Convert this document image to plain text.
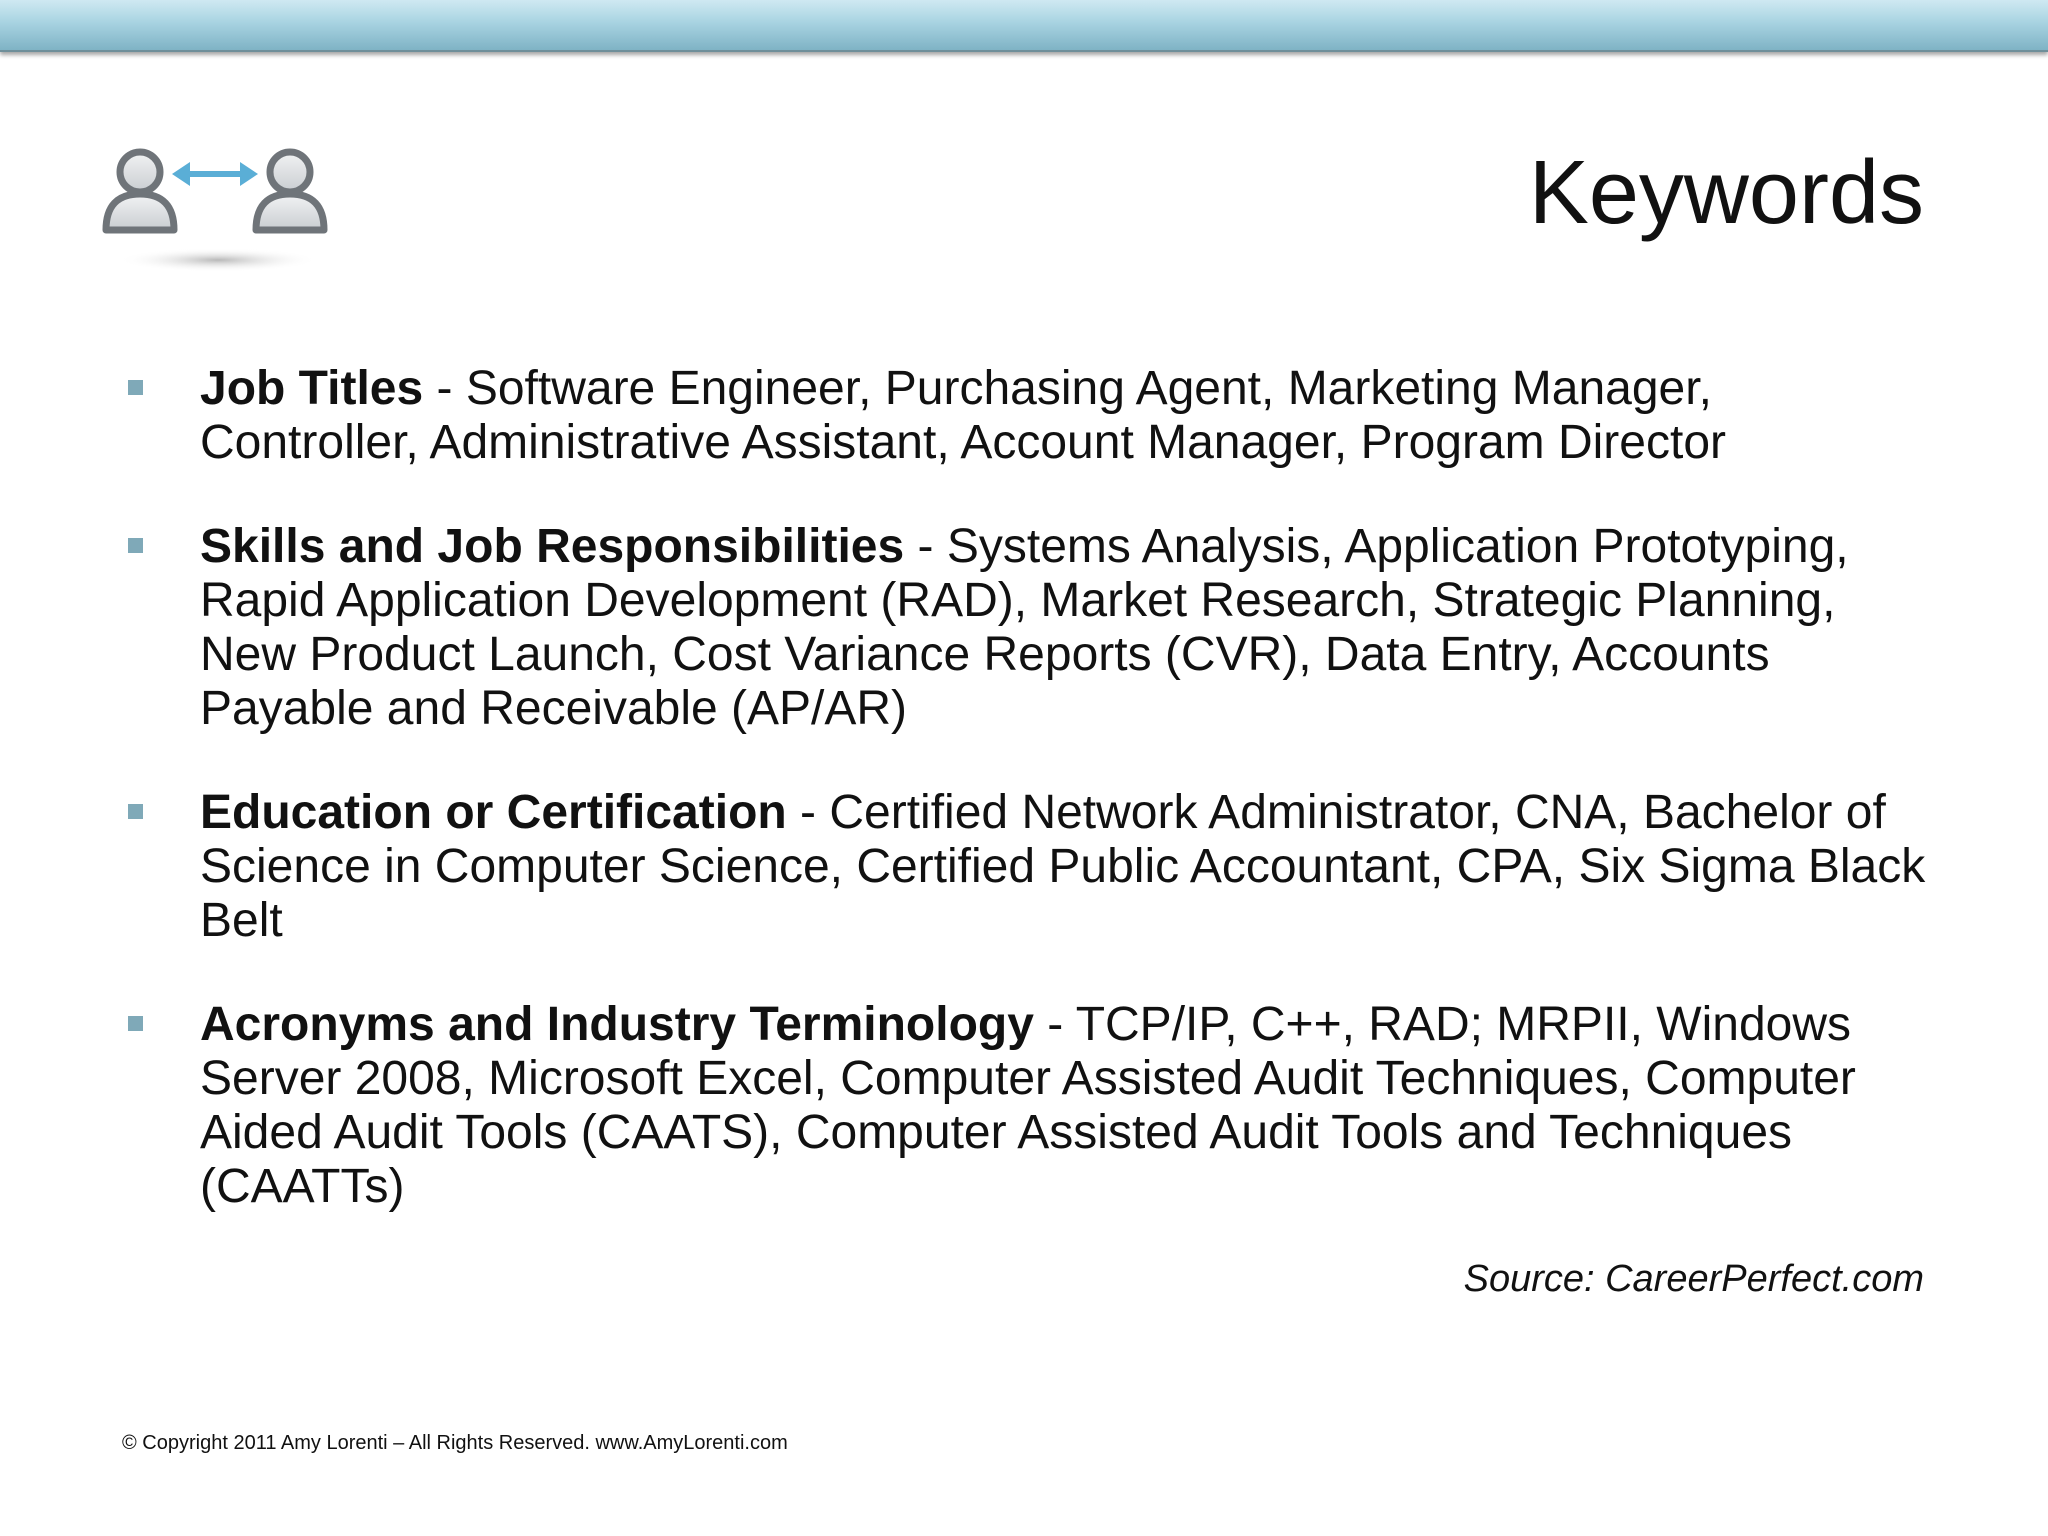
Keywords
Job Titles - Software Engineer, Purchasing Agent, Marketing Manager, Controller, Administrative Assistant, Account Manager, Program Director
Skills and Job Responsibilities - Systems Analysis, Application Prototyping, Rapid Application Development (RAD), Market Research, Strategic Planning, New Product Launch, Cost Variance Reports (CVR), Data Entry, Accounts Payable and Receivable (AP/AR)
Education or Certification - Certified Network Administrator, CNA, Bachelor of Science in Computer Science, Certified Public Accountant, CPA, Six Sigma Black Belt
Acronyms and Industry Terminology - TCP/IP, C++, RAD; MRPII, Windows Server 2008, Microsoft Excel, Computer Assisted Audit Techniques, Computer Aided Audit Tools (CAATS), Computer Assisted Audit Tools and Techniques (CAATTs)
Source: CareerPerfect.com
© Copyright 2011 Amy Lorenti – All Rights Reserved. www.AmyLorenti.com
